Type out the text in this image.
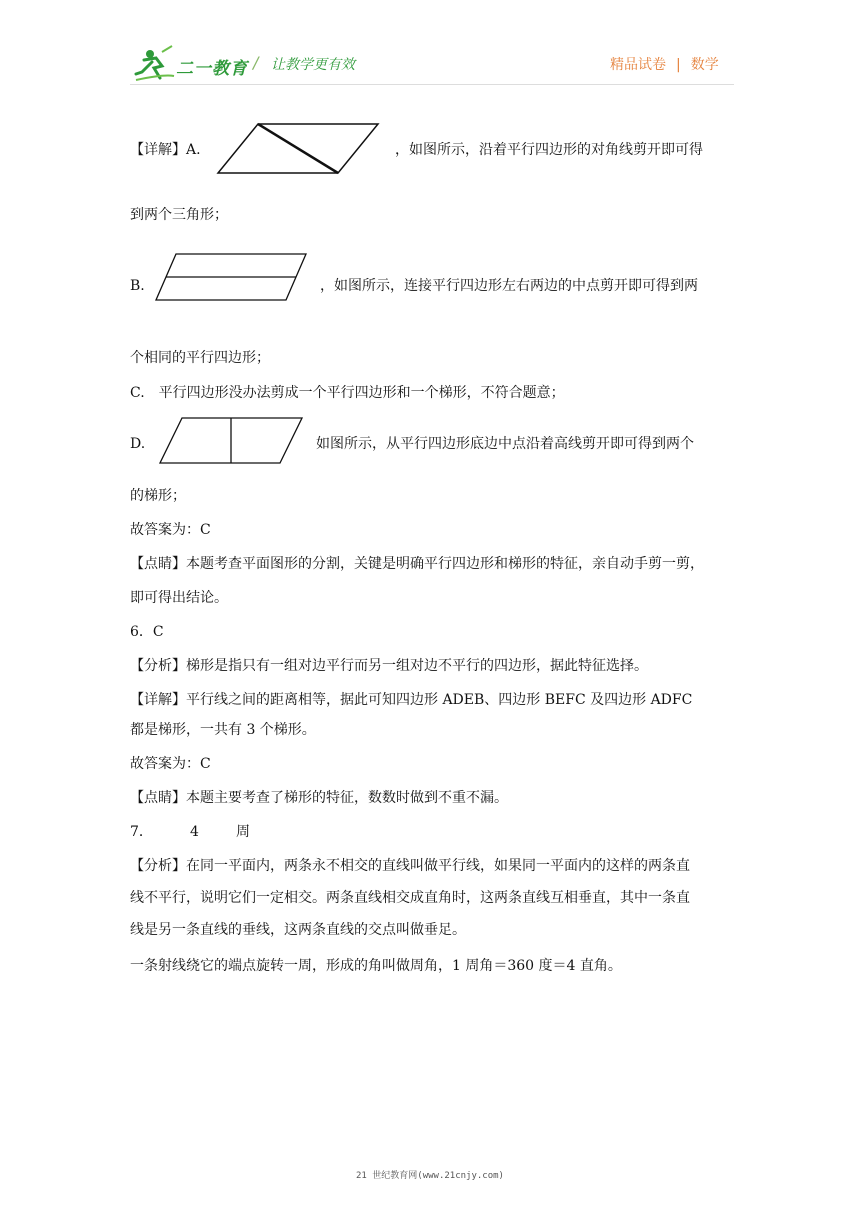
二一教育 / 让教学更有效	精品试卷 | 数学
【详解】A.	，如图所示，沿着平行四边形的对角线剪开即可得
到两个三角形；
B.	，如图所示，连接平行四边形左右两边的中点剪开即可得到两
个相同的平行四边形；
C.　平行四边形没办法剪成一个平行四边形和一个梯形，不符合题意；
D.	如图所示，从平行四边形底边中点沿着高线剪开即可得到两个
的梯形；
故答案为：C
【点睛】本题考查平面图形的分割，关键是明确平行四边形和梯形的特征，亲自动手剪一剪，
即可得出结论。
6．C
【分析】梯形是指只有一组对边平行而另一组对边不平行的四边形，据此特征选择。
【详解】平行线之间的距离相等，据此可知四边形 ADEB、四边形 BEFC 及四边形 ADFC
都是梯形，一共有 3 个梯形。
故答案为：C
【点睛】本题主要考查了梯形的特征，数数时做到不重不漏。
7．	4	周
【分析】在同一平面内，两条永不相交的直线叫做平行线，如果同一平面内的这样的两条直
线不平行，说明它们一定相交。两条直线相交成直角时，这两条直线互相垂直，其中一条直
线是另一条直线的垂线，这两条直线的交点叫做垂足。
一条射线绕它的端点旋转一周，形成的角叫做周角，1 周角＝360 度＝4 直角。
21 世纪教育网(www.21cnjy.com)
